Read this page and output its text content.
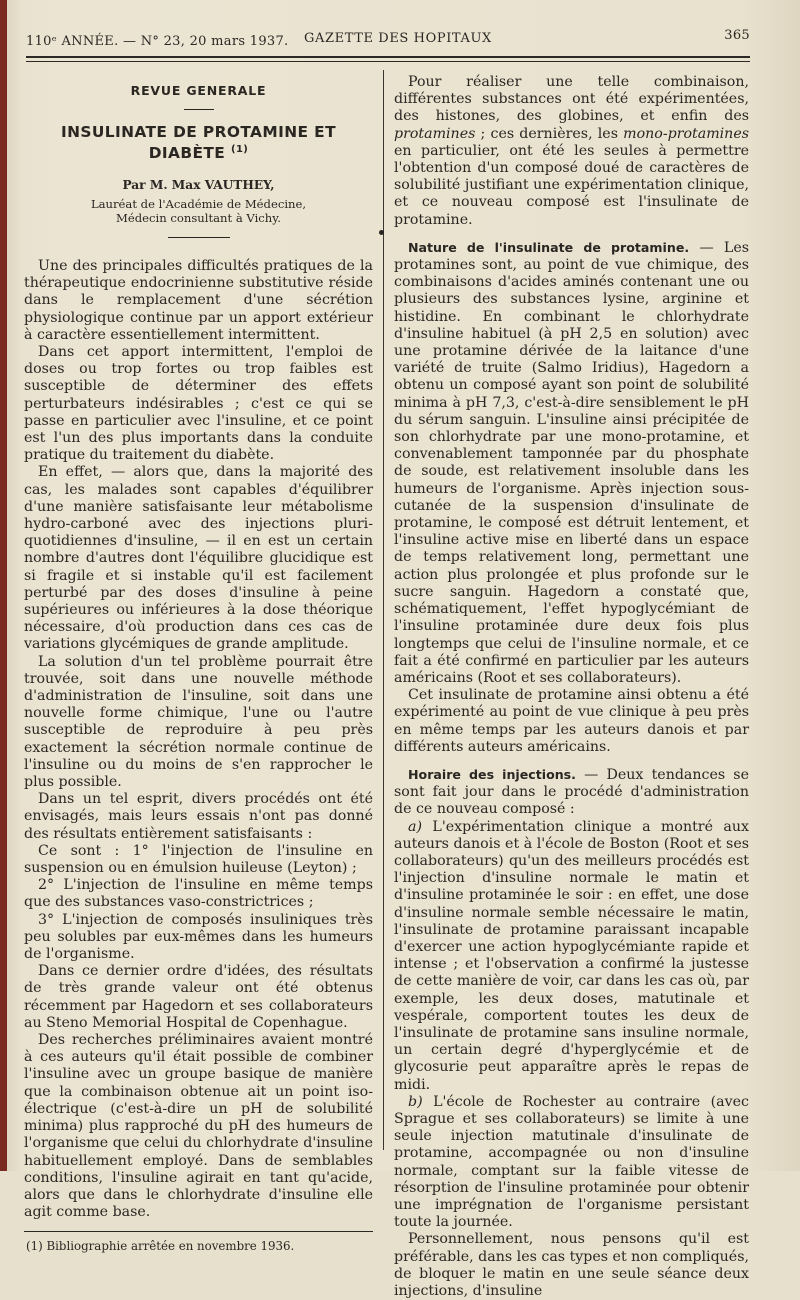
110ᵉ ANNÉE. — N° 23, 20 mars 1937. GAZETTE DES HOPITAUX	365
REVUE GENERALE
INSULINATE DE PROTAMINE ET DIABÈTE $^{(1)}$

Par M. Max VAUTHEY,

Lauréat de l'Académie de Médecine,

Médecin consultant à Vichy.

Une des principales difficultés pratiques de la thérapeutique endocrinienne substitutive réside dans le remplacement d'une sécrétion physiologique continue par un apport extérieur à caractère essentiellement intermittent.

Dans cet apport intermittent, l'emploi de doses ou trop fortes ou trop faibles est susceptible de déterminer des effets perturbateurs indésirables ; c'est ce qui se passe en particulier avec l'insuline, et ce point est l'un des plus importants dans la conduite pratique du traitement du diabète.

En effet, — alors que, dans la majorité des cas, les malades sont capables d'équilibrer d'une manière satisfaisante leur métabolisme hydro-carboné avec des injections pluri-quotidiennes d'insuline, — il en est un certain nombre d'autres dont l'équilibre glucidique est si fragile et si instable qu'il est facilement perturbé par des doses d'insuline à peine supérieures ou inférieures à la dose théorique nécessaire, d'où production dans ces cas de variations glycémiques de grande amplitude.

La solution d'un tel problème pourrait être trouvée, soit dans une nouvelle méthode d'administration de l'insuline, soit dans une nouvelle forme chimique, l'une ou l'autre susceptible de reproduire à peu près exactement la sécrétion normale continue de l'insuline ou du moins de s'en rapprocher le plus possible.

Dans un tel esprit, divers procédés ont été envisagés, mais leurs essais n'ont pas donné des résultats entièrement satisfaisants :

Ce sont : 1° l'injection de l'insuline en suspension ou en émulsion huileuse (Leyton) ;

2° L'injection de l'insuline en même temps que des substances vaso-constrictrices ;

3° L'injection de composés insuliniques très peu solubles par eux-mêmes dans les humeurs de l'organisme.

Dans ce dernier ordre d'idées, des résultats de très grande valeur ont été obtenus récemment par Hagedorn et ses collaborateurs au Steno Memorial Hospital de Copenhague.

Des recherches préliminaires avaient montré à ces auteurs qu'il était possible de combiner l'insuline avec un groupe basique de manière que la combinaison obtenue ait un point iso-électrique (c'est-à-dire un pH de solubilité minima) plus rapproché du pH des humeurs de l'organisme que celui du chlorhydrate d'insuline habituellement employé. Dans de semblables conditions, l'insuline agirait en tant qu'acide, alors que dans le chlorhydrate d'insuline elle agit comme base.

(1) Bibliographie arrêtée en novembre 1936.

Pour réaliser une telle combinaison, différentes substances ont été expérimentées, des histones, des globines, et enfin des protamines ; ces dernières, les mono-protamines en particulier, ont été les seules à permettre l'obtention d'un composé doué de caractères de solubilité justifiant une expérimentation clinique, et ce nouveau composé est l'insulinate de protamine.

Nature de l'insulinate de protamine. — Les protamines sont, au point de vue chimique, des combinaisons d'acides aminés contenant une ou plusieurs des substances lysine, arginine et histidine. En combinant le chlorhydrate d'insuline habituel (à pH 2,5 en solution) avec une protamine dérivée de la laitance d'une variété de truite (Salmo Iridius), Hagedorn a obtenu un composé ayant son point de solubilité minima à pH 7,3, c'est-à-dire sensiblement le pH du sérum sanguin. L'insuline ainsi précipitée de son chlorhydrate par une mono-protamine, et convenablement tamponnée par du phosphate de soude, est relativement insoluble dans les humeurs de l'organisme. Après injection sous-cutanée de la suspension d'insulinate de protamine, le composé est détruit lentement, et l'insuline active mise en liberté dans un espace de temps relativement long, permettant une action plus prolongée et plus profonde sur le sucre sanguin. Hagedorn a constaté que, schématiquement, l'effet hypoglycémiant de l'insuline protaminée dure deux fois plus longtemps que celui de l'insuline normale, et ce fait a été confirmé en particulier par les auteurs américains (Root et ses collaborateurs).

Cet insulinate de protamine ainsi obtenu a été expérimenté au point de vue clinique à peu près en même temps par les auteurs danois et par différents auteurs américains.

Horaire des injections. — Deux tendances se sont fait jour dans le procédé d'administration de ce nouveau composé :

a) L'expérimentation clinique a montré aux auteurs danois et à l'école de Boston (Root et ses collaborateurs) qu'un des meilleurs procédés est l'injection d'insuline normale le matin et d'insuline protaminée le soir : en effet, une dose d'insuline normale semble nécessaire le matin, l'insulinate de protamine paraissant incapable d'exercer une action hypoglycémiante rapide et intense ; et l'observation a confirmé la justesse de cette manière de voir, car dans les cas où, par exemple, les deux doses, matutinale et vespérale, comportent toutes les deux de l'insulinate de protamine sans insuline normale, un certain degré d'hyperglycémie et de glycosurie peut apparaître après le repas de midi.

b) L'école de Rochester au contraire (avec Sprague et ses collaborateurs) se limite à une seule injection matutinale d'insulinate de protamine, accompagnée ou non d'insuline normale, comptant sur la faible vitesse de résorption de l'insuline protaminée pour obtenir une imprégnation de l'organisme persistant toute la journée.

Personnellement, nous pensons qu'il est préférable, dans les cas types et non compliqués, de bloquer le matin en une seule séance deux injections, d'insuline
